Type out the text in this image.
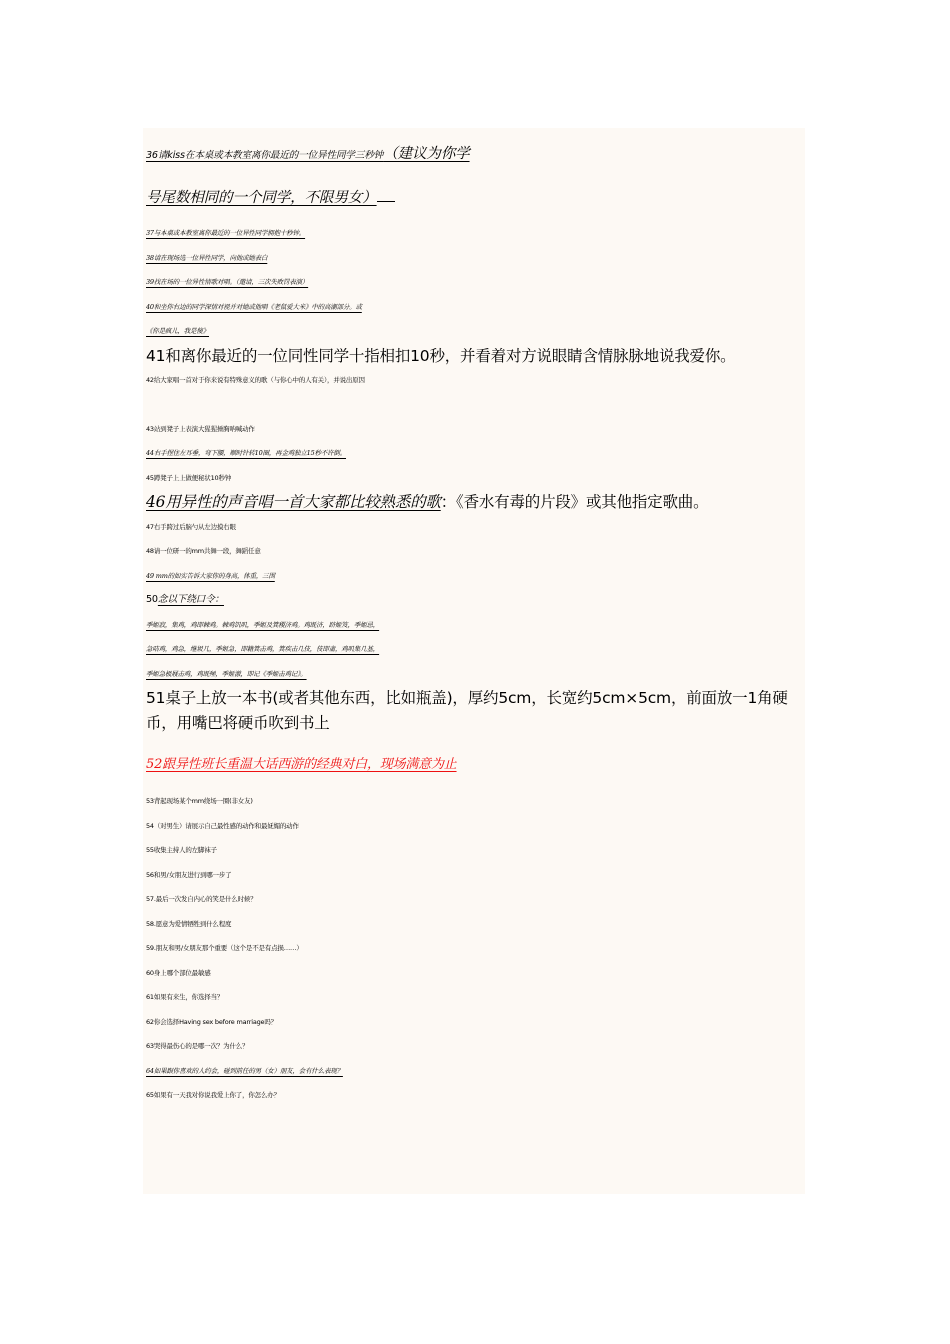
36请kiss在本桌或本教室离你最近的一位异性同学三秒钟（建议为你学
号尾数相同的一个同学，不限男女）
37与本桌或本教室离你最近的一位异性同学拥抱十秒钟。
38请在现场选一位异性同学，向他或她表白
39找在场的一位异性情歌对唱。（邀请，三次失败罚表演）
40和坐你右边的同学深情对视并对她或他唱《老鼠爱大米》中的高潮部分。或
《你是疯儿，我是傻》
41和离你最近的一位同性同学十指相扣10秒，并看着对方说眼睛含情脉脉地说我爱你。
42给大家唱一首对于你来说有特殊意义的歌（与你心中的人有关），并说出原因
43站到凳子上表演大猩猩捶胸呐喊动作
44右手捏住左耳垂，弯下腰，顺时针转10圈，再金鸡独立15秒不许倒。
45蹲凳子上上做便秘状10秒钟
46用异性的声音唱一首大家都比较熟悉的歌：《香水有毒的片段》或其他指定歌曲。
47右手跨过后脑勺从左边摸右眼
48请一位研一的mm共舞一段，舞蹈任意
49 mm的如实告诉大家你的身高，体重，三围
50念以下绕口令：
季姬寂，集鸡，鸡即棘鸡。棘鸡饥叽，季姬及箕稷济鸡。鸡既济，跻姬笈，季姬忌，
急咭鸡，鸡急，继圾几，季姬急，即籍箕击鸡，箕疾击几伎，伎即齑，鸡叽集几基，
季姬急极屐击鸡，鸡既殛，季姬激，即记《季姬击鸡记》。
51桌子上放一本书(或者其他东西，比如瓶盖)，厚约5cm，长宽约5cm×5cm，前面放一1角硬币，用嘴巴将硬币吹到书上
52跟异性班长重温大话西游的经典对白，现场满意为止
53背起现场某个mm绕场一圈(非女友)
54（对男生）请展示自己最性感的动作和最妩媚的动作
55收集主持人的左脚袜子
56和男/女朋友进行到哪一步了
57.最后一次发自内心的笑是什么时候？
58.愿意为爱情牺牲到什么程度
59.朋友和男/女朋友那个重要（这个是不是有点损……）
60身上哪个部位最敏感
61如果有来生，你选择当？
62你会选择Having sex before marriage吗？
63哭得最伤心的是哪一次？为什么？
64如果跟你喜欢的人约会，碰到前任的男（女）朋友，会有什么表现？
65如果有一天我对你说我爱上你了，你怎么办？
